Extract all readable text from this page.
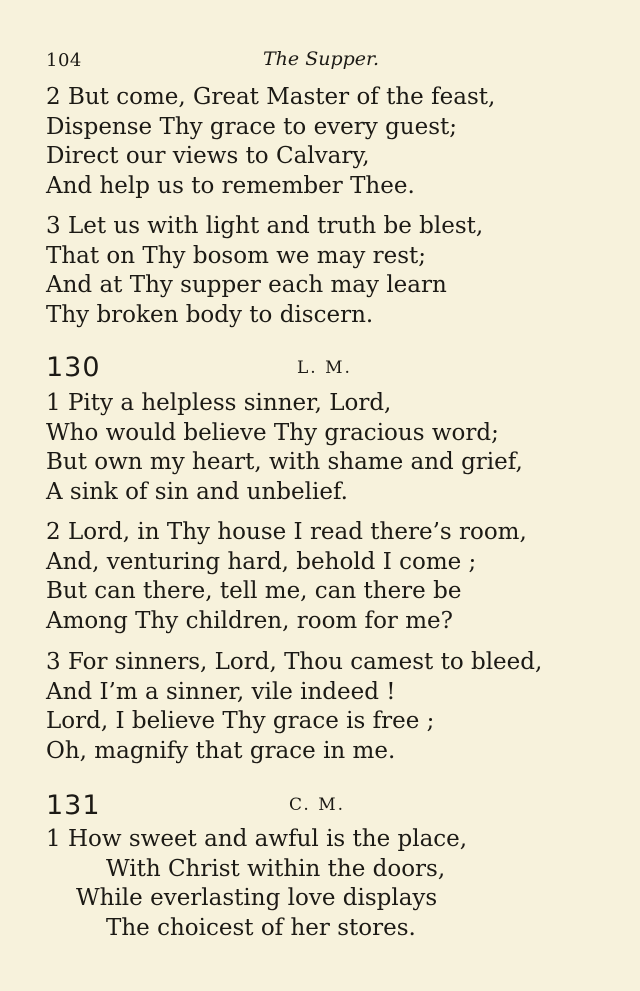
104	The Supper.
2 But come, Great Master of the feast,
Dispense Thy grace to every guest;
Direct our views to Calvary,
And help us to remember Thee.
3 Let us with light and truth be blest,
That on Thy bosom we may rest;
And at Thy supper each may learn
Thy broken body to discern.
130	L. M.
1 Pity a helpless sinner, Lord,
Who would believe Thy gracious word;
But own my heart, with shame and grief,
A sink of sin and unbelief.
2 Lord, in Thy house I read there’s room,
And, venturing hard, behold I come ;
But can there, tell me, can there be
Among Thy children, room for me?
3 For sinners, Lord, Thou camest to bleed,
And I’m a sinner, vile indeed !
Lord, I believe Thy grace is free ;
Oh, magnify that grace in me.
131	C. M.
1 How sweet and awful is the place,
With Christ within the doors,
While everlasting love displays
The choicest of her stores.
